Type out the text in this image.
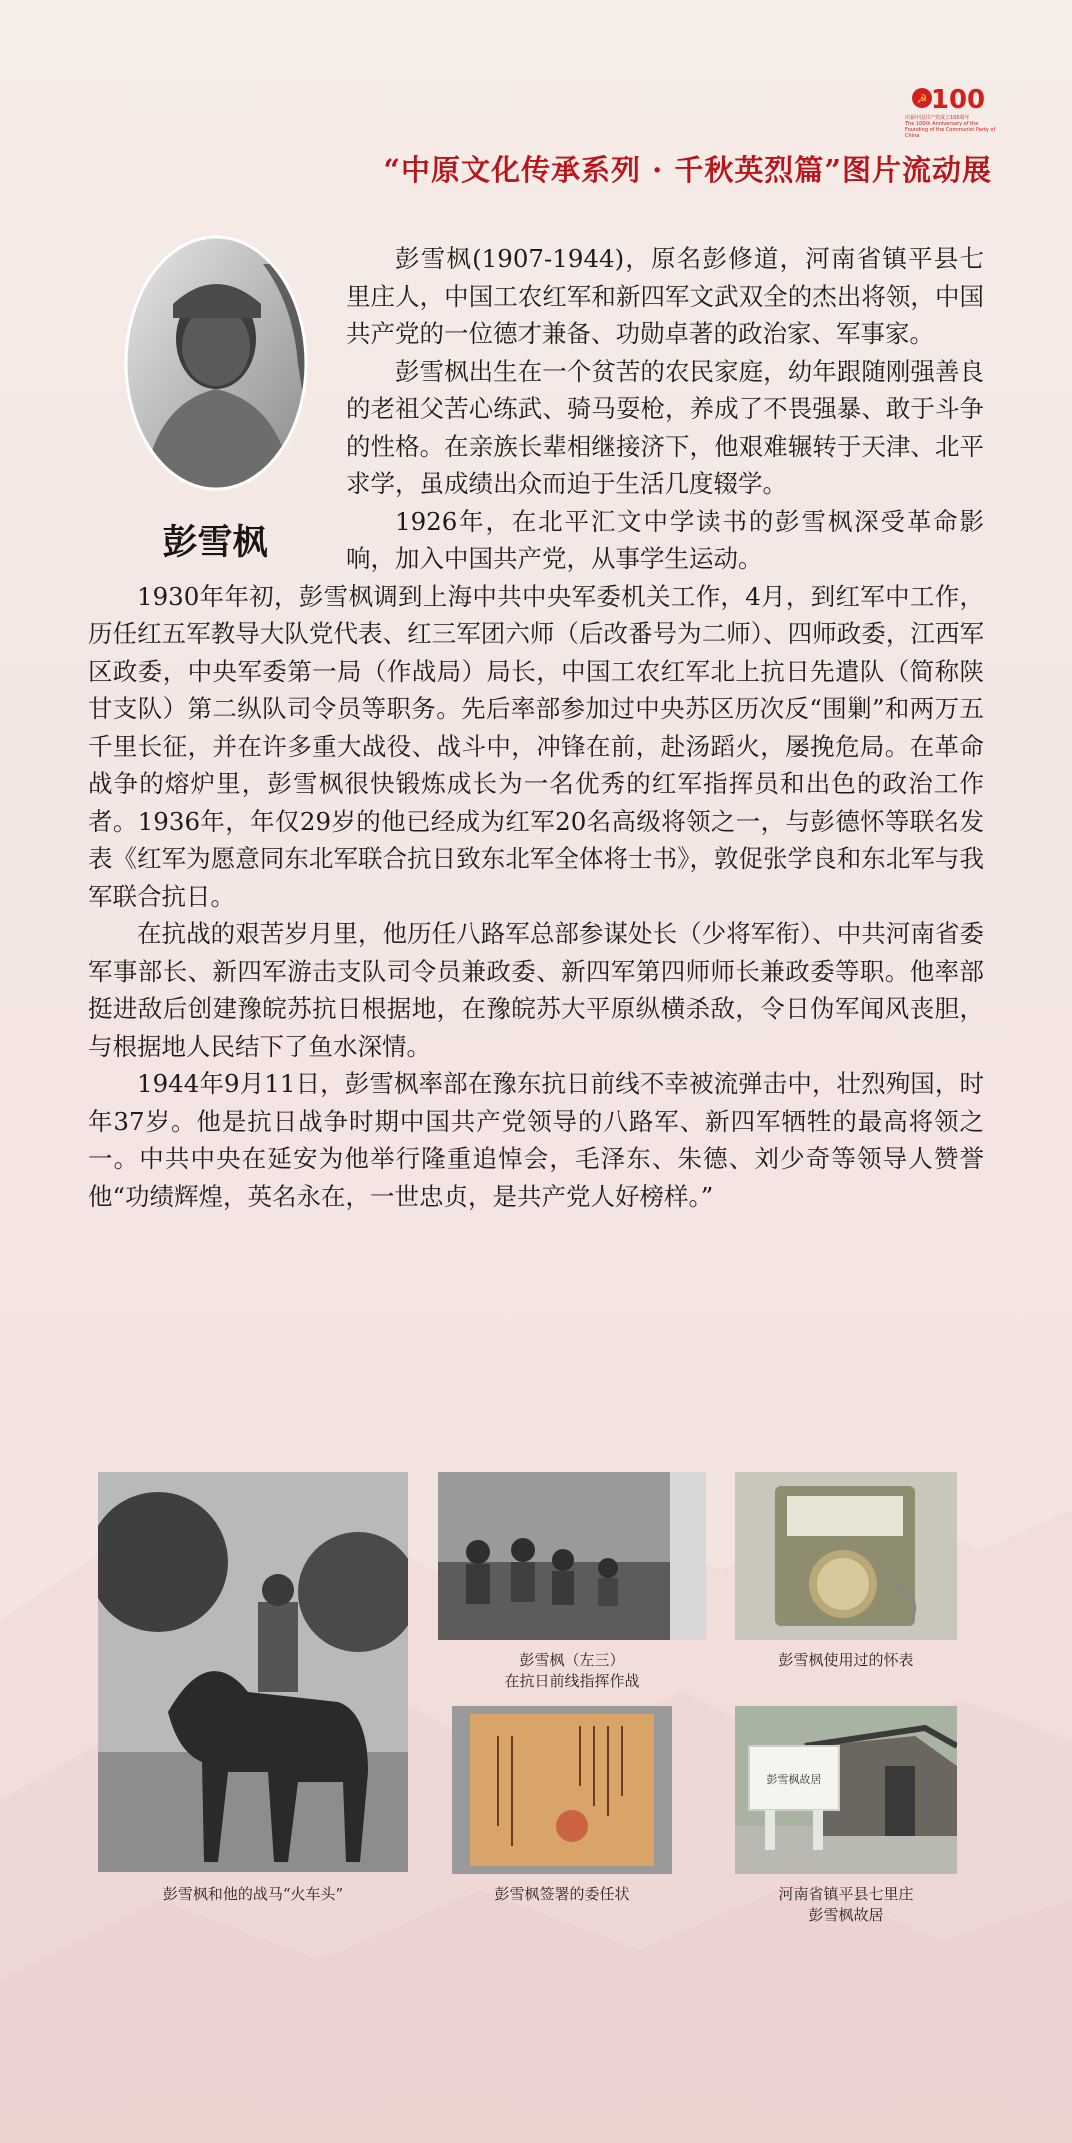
☭ 100
庆祝中国共产党成立100周年
The 100th Anniversary of the Founding of the Communist Party of China
“中原文化传承系列 · 千秋英烈篇”图片流动展
彭雪枫

彭雪枫(1907-1944)，原名彭修道，河南省镇平县七里庄人，中国工农红军和新四军文武双全的杰出将领，中国共产党的一位德才兼备、功勋卓著的政治家、军事家。

彭雪枫出生在一个贫苦的农民家庭，幼年跟随刚强善良的老祖父苦心练武、骑马耍枪，养成了不畏强暴、敢于斗争的性格。在亲族长辈相继接济下，他艰难辗转于天津、北平求学，虽成绩出众而迫于生活几度辍学。

1926年，在北平汇文中学读书的彭雪枫深受革命影响，加入中国共产党，从事学生运动。

1930年年初，彭雪枫调到上海中共中央军委机关工作，4月，到红军中工作，历任红五军教导大队党代表、红三军团六师（后改番号为二师）、四师政委，江西军区政委，中央军委第一局（作战局）局长，中国工农红军北上抗日先遣队（简称陕甘支队）第二纵队司令员等职务。先后率部参加过中央苏区历次反“围剿”和两万五千里长征，并在许多重大战役、战斗中，冲锋在前，赴汤蹈火，屡挽危局。在革命战争的熔炉里，彭雪枫很快锻炼成长为一名优秀的红军指挥员和出色的政治工作者。1936年，年仅29岁的他已经成为红军20名高级将领之一，与彭德怀等联名发表《红军为愿意同东北军联合抗日致东北军全体将士书》，敦促张学良和东北军与我军联合抗日。

在抗战的艰苦岁月里，他历任八路军总部参谋处长（少将军衔）、中共河南省委军事部长、新四军游击支队司令员兼政委、新四军第四师师长兼政委等职。他率部挺进敌后创建豫皖苏抗日根据地，在豫皖苏大平原纵横杀敌，令日伪军闻风丧胆，与根据地人民结下了鱼水深情。

1944年9月11日，彭雪枫率部在豫东抗日前线不幸被流弹击中，壮烈殉国，时年37岁。他是抗日战争时期中国共产党领导的八路军、新四军牺牲的最高将领之一。中共中央在延安为他举行隆重追悼会，毛泽东、朱德、刘少奇等领导人赞誉他“功绩辉煌，英名永在，一世忠贞，是共产党人好榜样。”

彭雪枫和他的战马“火车头”
彭雪枫（左三）
在抗日前线指挥作战
彭雪枫使用过的怀表
彭雪枫签署的委任状
彭雪枫故居
河南省镇平县七里庄
彭雪枫故居
